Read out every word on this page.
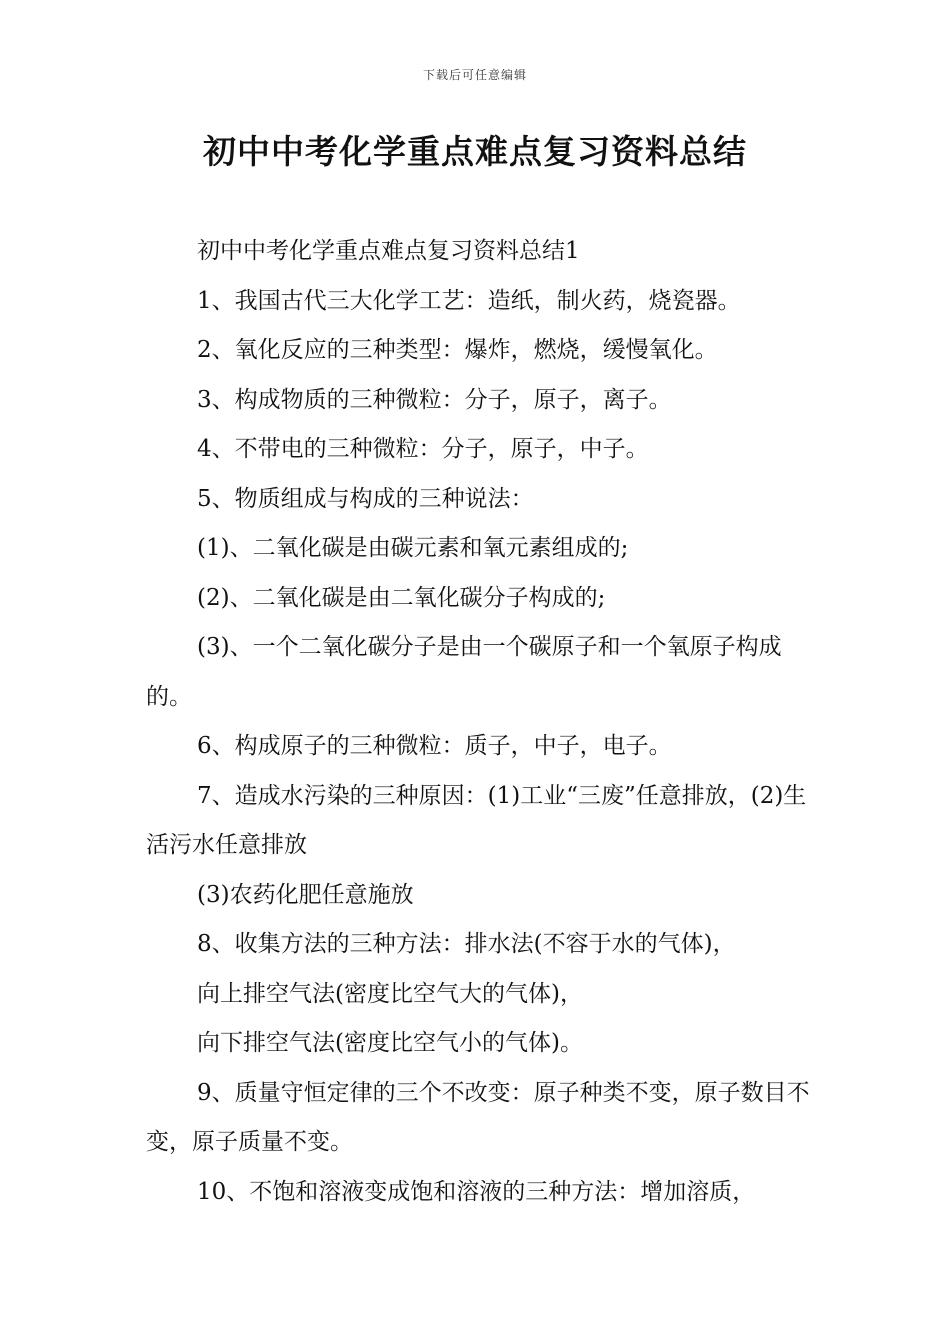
下载后可任意编辑
初中中考化学重点难点复习资料总结

初中中考化学重点难点复习资料总结1

1、我国古代三大化学工艺：造纸，制火药，烧瓷器。

2、氧化反应的三种类型：爆炸，燃烧，缓慢氧化。

3、构成物质的三种微粒：分子，原子，离子。

4、不带电的三种微粒：分子，原子，中子。

5、物质组成与构成的三种说法：

(1)、二氧化碳是由碳元素和氧元素组成的;

(2)、二氧化碳是由二氧化碳分子构成的;

(3)、一个二氧化碳分子是由一个碳原子和一个氧原子构成的。

6、构成原子的三种微粒：质子，中子，电子。

7、造成水污染的三种原因：(1)工业“三废”任意排放，(2)生活污水任意排放

(3)农药化肥任意施放

8、收集方法的三种方法：排水法(不容于水的气体)，

向上排空气法(密度比空气大的气体)，

向下排空气法(密度比空气小的气体)。

9、质量守恒定律的三个不改变：原子种类不变，原子数目不变，原子质量不变。

10、不饱和溶液变成饱和溶液的三种方法：增加溶质，
